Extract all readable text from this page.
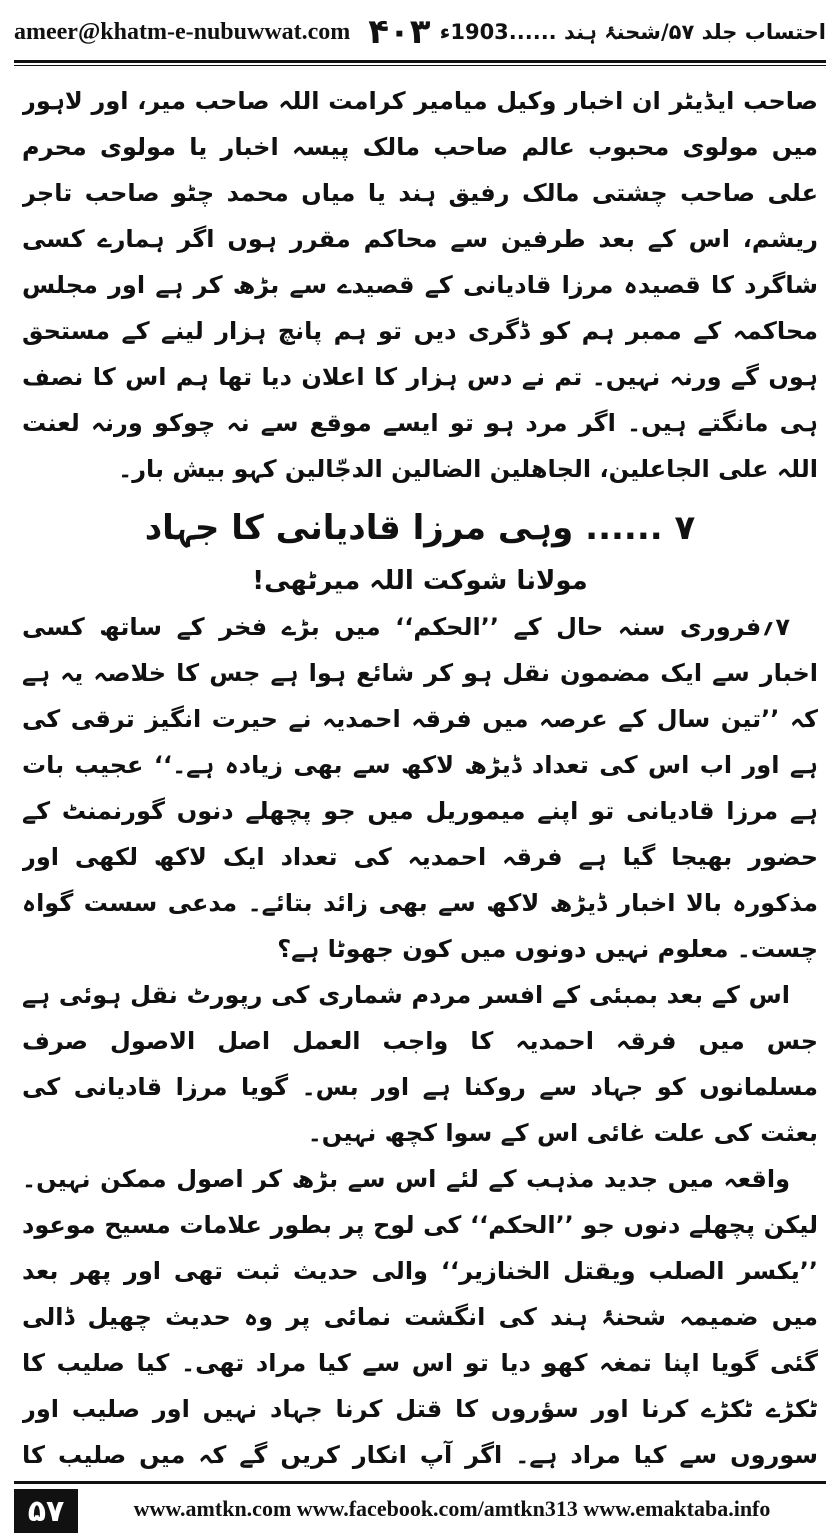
ameer@khatm-e-nubuwwat.com ۴۰۳ احتساب جلد ۵۷/شحنۂ ہند ......1903ء

صاحب ایڈیٹر ان اخبار وکیل میامیر کرامت اللہ صاحب میر، اور لاہور میں مولوی محبوب عالم صاحب مالک پیسہ اخبار یا مولوی محرم علی صاحب چشتی مالک رفیق ہند یا میاں محمد چٹو صاحب تاجر ریشم، اس کے بعد طرفین سے محاکم مقرر ہوں اگر ہمارے کسی شاگرد کا قصیدہ مرزا قادیانی کے قصیدے سے بڑھ کر ہے اور مجلس محاکمہ کے ممبر ہم کو ڈگری دیں تو ہم پانچ ہزار لینے کے مستحق ہوں گے ورنہ نہیں۔ تم نے دس ہزار کا اعلان دیا تھا ہم اس کا نصف ہی مانگتے ہیں۔ اگر مرد ہو تو ایسے موقع سے نہ چوکو ورنہ لعنت اللہ علی الجاعلین، الجاھلین الضالین الدجّالین کہو بیش بار۔

۷ ...... وہی مرزا قادیانی کا جہاد

مولانا شوکت اللہ میرٹھی!

۷؍فروری سنہ حال کے ’’الحکم‘‘ میں بڑے فخر کے ساتھ کسی اخبار سے ایک مضمون نقل ہو کر شائع ہوا ہے جس کا خلاصہ یہ ہے کہ ’’تین سال کے عرصہ میں فرقہ احمدیہ نے حیرت انگیز ترقی کی ہے اور اب اس کی تعداد ڈیڑھ لاکھ سے بھی زیادہ ہے۔‘‘ عجیب بات ہے مرزا قادیانی تو اپنے میموریل میں جو پچھلے دنوں گورنمنٹ کے حضور بھیجا گیا ہے فرقہ احمدیہ کی تعداد ایک لاکھ لکھی اور مذکورہ بالا اخبار ڈیڑھ لاکھ سے بھی زائد بتائے۔ مدعی سست گواہ چست۔ معلوم نہیں دونوں میں کون جھوٹا ہے؟

اس کے بعد بمبئی کے افسر مردم شماری کی رپورٹ نقل ہوئی ہے جس میں فرقہ احمدیہ کا واجب العمل اصل الاصول صرف مسلمانوں کو جہاد سے روکنا ہے اور بس۔ گویا مرزا قادیانی کی بعثت کی علت غائی اس کے سوا کچھ نہیں۔

واقعہ میں جدید مذہب کے لئے اس سے بڑھ کر اصول ممکن نہیں۔ لیکن پچھلے دنوں جو ’’الحکم‘‘ کی لوح پر بطور علامات مسیح موعود ’’یکسر الصلب ویقتل الخنازیر‘‘ والی حدیث ثبت تھی اور پھر بعد میں ضمیمہ شحنۂ ہند کی انگشت نمائی پر وہ حدیث چھیل ڈالی گئی گویا اپنا تمغہ کھو دیا تو اس سے کیا مراد تھی۔ کیا صلیب کا ٹکڑے ٹکڑے کرنا اور سؤروں کا قتل کرنا جہاد نہیں اور صلیب اور سوروں سے کیا مراد ہے۔ اگر آپ انکار کریں گے کہ میں صلیب کا

۵۷	www.amtkn.com www.facebook.com/amtkn313 www.emaktaba.info
